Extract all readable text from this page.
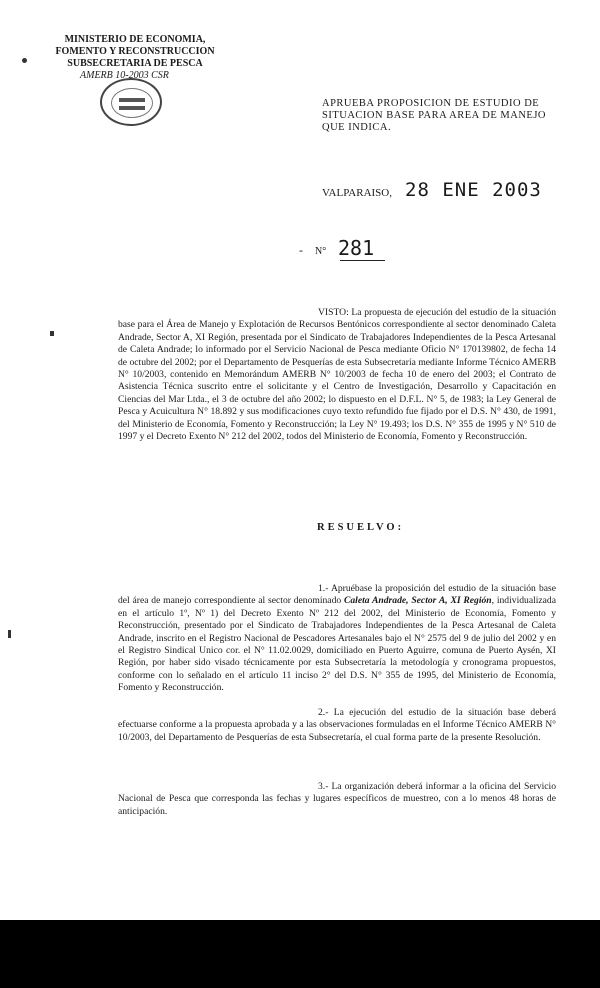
MINISTERIO DE ECONOMIA,
FOMENTO Y RECONSTRUCCION
SUBSECRETARIA DE PESCA
AMERB 10-2003 CSR
APRUEBA PROPOSICION DE ESTUDIO DE SITUACION BASE PARA AREA DE MANEJO QUE INDICA.
VALPARAISO, 28 ENE 2003
- N° 281
VISTO: La propuesta de ejecución del estudio de la situación base para el Área de Manejo y Explotación de Recursos Bentónicos correspondiente al sector denominado Caleta Andrade, Sector A, XI Región, presentada por el Sindicato de Trabajadores Independientes de la Pesca Artesanal de Caleta Andrade; lo informado por el Servicio Nacional de Pesca mediante Oficio N° 170139802, de fecha 14 de octubre del 2002; por el Departamento de Pesquerías de esta Subsecretaría mediante Informe Técnico AMERB N° 10/2003, contenido en Memorándum AMERB N° 10/2003 de fecha 10 de enero del 2003; el Contrato de Asistencia Técnica suscrito entre el solicitante y el Centro de Investigación, Desarrollo y Capacitación en Ciencias del Mar Ltda., el 3 de octubre del año 2002; lo dispuesto en el D.F.L. N° 5, de 1983; la Ley General de Pesca y Acuicultura N° 18.892 y sus modificaciones cuyo texto refundido fue fijado por el D.S. N° 430, de 1991, del Ministerio de Economía, Fomento y Reconstrucción; la Ley N° 19.493; los D.S. N° 355 de 1995 y N° 510 de 1997 y el Decreto Exento N° 212 del 2002, todos del Ministerio de Economía, Fomento y Reconstrucción.
RESUELVO:
1.- Apruébase la proposición del estudio de la situación base del área de manejo correspondiente al sector denominado Caleta Andrade, Sector A, XI Región, individualizada en el artículo 1º, Nº 1) del Decreto Exento Nº 212 del 2002, del Ministerio de Economía, Fomento y Reconstrucción, presentado por el Sindicato de Trabajadores Independientes de la Pesca Artesanal de Caleta Andrade, inscrito en el Registro Nacional de Pescadores Artesanales bajo el N° 2575 del 9 de julio del 2002 y en el Registro Sindical Unico cor. el N° 11.02.0029, domiciliado en Puerto Aguirre, comuna de Puerto Aysén, XI Región, por haber sido visado técnicamente por esta Subsecretaría la metodología y cronograma propuestos, conforme con lo señalado en el artículo 11 inciso 2° del D.S. N° 355 de 1995, del Ministerio de Economía, Fomento y Reconstrucción.
2.- La ejecución del estudio de la situación base deberá efectuarse conforme a la propuesta aprobada y a las observaciones formuladas en el Informe Técnico AMERB N° 10/2003, del Departamento de Pesquerías de esta Subsecretaría, el cual forma parte de la presente Resolución.
3.- La organización deberá informar a la oficina del Servicio Nacional de Pesca que corresponda las fechas y lugares específicos de muestreo, con a lo menos 48 horas de anticipación.
